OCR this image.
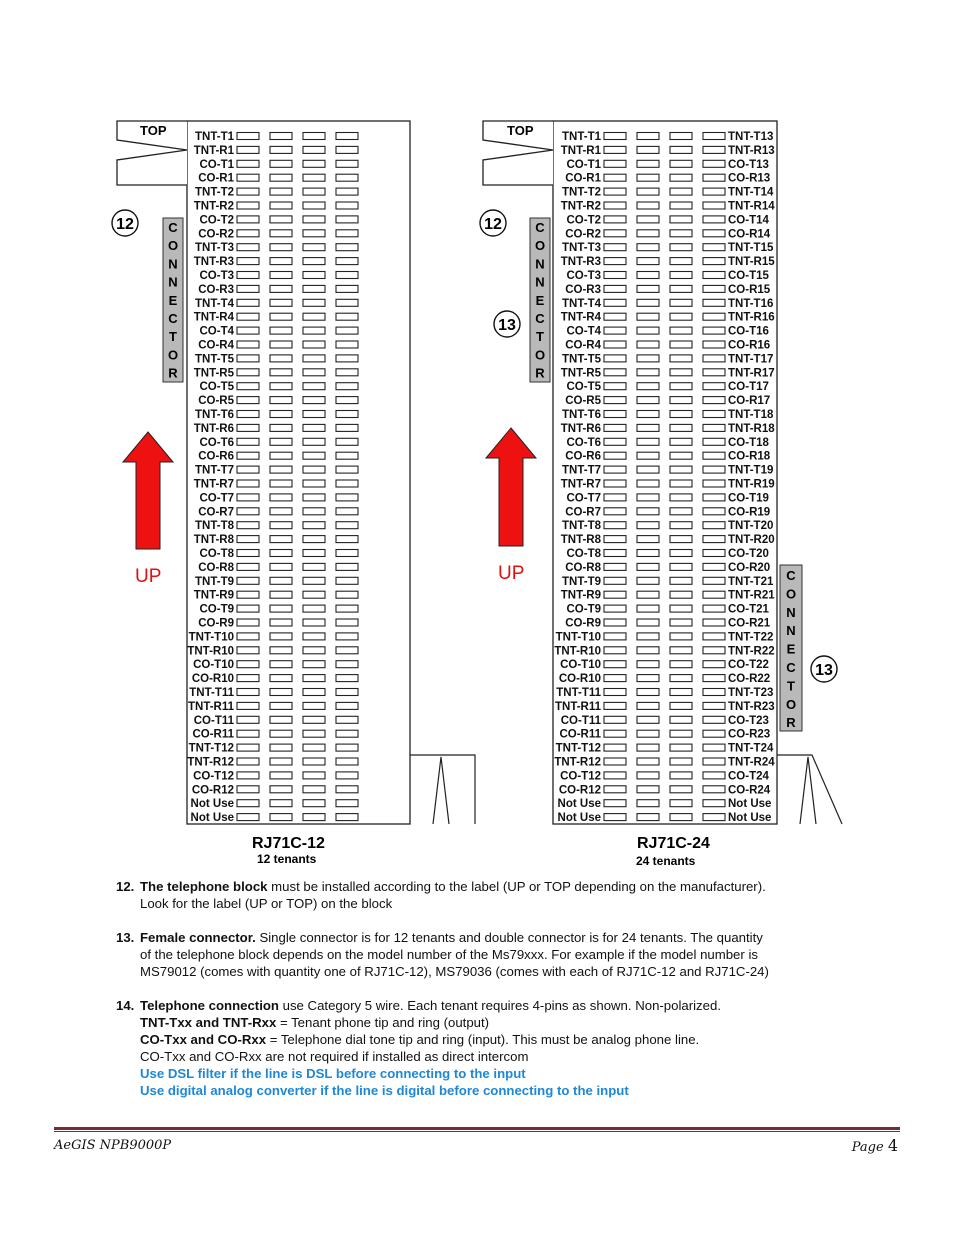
TOP
C
O
N
N
E
C
T
O
R
12
UP
TNT-T1
TNT-R1
CO-T1
CO-R1
TNT-T2
TNT-R2
CO-T2
CO-R2
TNT-T3
TNT-R3
CO-T3
CO-R3
TNT-T4
TNT-R4
CO-T4
CO-R4
TNT-T5
TNT-R5
CO-T5
CO-R5
TNT-T6
TNT-R6
CO-T6
CO-R6
TNT-T7
TNT-R7
CO-T7
CO-R7
TNT-T8
TNT-R8
CO-T8
CO-R8
TNT-T9
TNT-R9
CO-T9
CO-R9
TNT-T10
TNT-R10
CO-T10
CO-R10
TNT-T11
TNT-R11
CO-T11
CO-R11
TNT-T12
TNT-R12
CO-T12
CO-R12
Not Use
Not Use
RJ71C-12
12 tenants
TOP
C
O
N
N
E
C
T
O
R
12
13
C
O
N
N
E
C
T
O
R
13
UP
TNT-T1	TNT-T13
TNT-R1	TNT-R13
CO-T1	CO-T13
CO-R1	CO-R13
TNT-T2	TNT-T14
TNT-R2	TNT-R14
CO-T2	CO-T14
CO-R2	CO-R14
TNT-T3	TNT-T15
TNT-R3	TNT-R15
CO-T3	CO-T15
CO-R3	CO-R15
TNT-T4	TNT-T16
TNT-R4	TNT-R16
CO-T4	CO-T16
CO-R4	CO-R16
TNT-T5	TNT-T17
TNT-R5	TNT-R17
CO-T5	CO-T17
CO-R5	CO-R17
TNT-T6	TNT-T18
TNT-R6	TNT-R18
CO-T6	CO-T18
CO-R6	CO-R18
TNT-T7	TNT-T19
TNT-R7	TNT-R19
CO-T7	CO-T19
CO-R7	CO-R19
TNT-T8	TNT-T20
TNT-R8	TNT-R20
CO-T8	CO-T20
CO-R8	CO-R20
TNT-T9	TNT-T21
TNT-R9	TNT-R21
CO-T9	CO-T21
CO-R9	CO-R21
TNT-T10	TNT-T22
TNT-R10	TNT-R22
CO-T10	CO-T22
CO-R10	CO-R22
TNT-T11	TNT-T23
TNT-R11	TNT-R23
CO-T11	CO-T23
CO-R11	CO-R23
TNT-T12	TNT-T24
TNT-R12	TNT-R24
CO-T12	CO-T24
CO-R12	CO-R24
Not Use	Not Use
Not Use	Not Use
RJ71C-24
24 tenants
12. The telephone block must be installed according to the label (UP or TOP depending on the manufacturer).
Look for the label (UP or TOP) on the block
13. Female connector. Single connector is for 12 tenants and double connector is for 24 tenants. The quantity
of the telephone block depends on the model number of the Ms79xxx. For example if the model number is
MS79012 (comes with quantity one of RJ71C-12), MS79036 (comes with each of RJ71C-12 and RJ71C-24)
14. Telephone connection use Category 5 wire. Each tenant requires 4-pins as shown. Non-polarized.
TNT-Txx and TNT-Rxx = Tenant phone tip and ring (output)
CO-Txx and CO-Rxx = Telephone dial tone tip and ring (input). This must be analog phone line.
CO-Txx and CO-Rxx are not required if installed as direct intercom
Use DSL filter if the line is DSL before connecting to the input
Use digital analog converter if the line is digital before connecting to the input
AeGIS NPB9000P	Page 4
